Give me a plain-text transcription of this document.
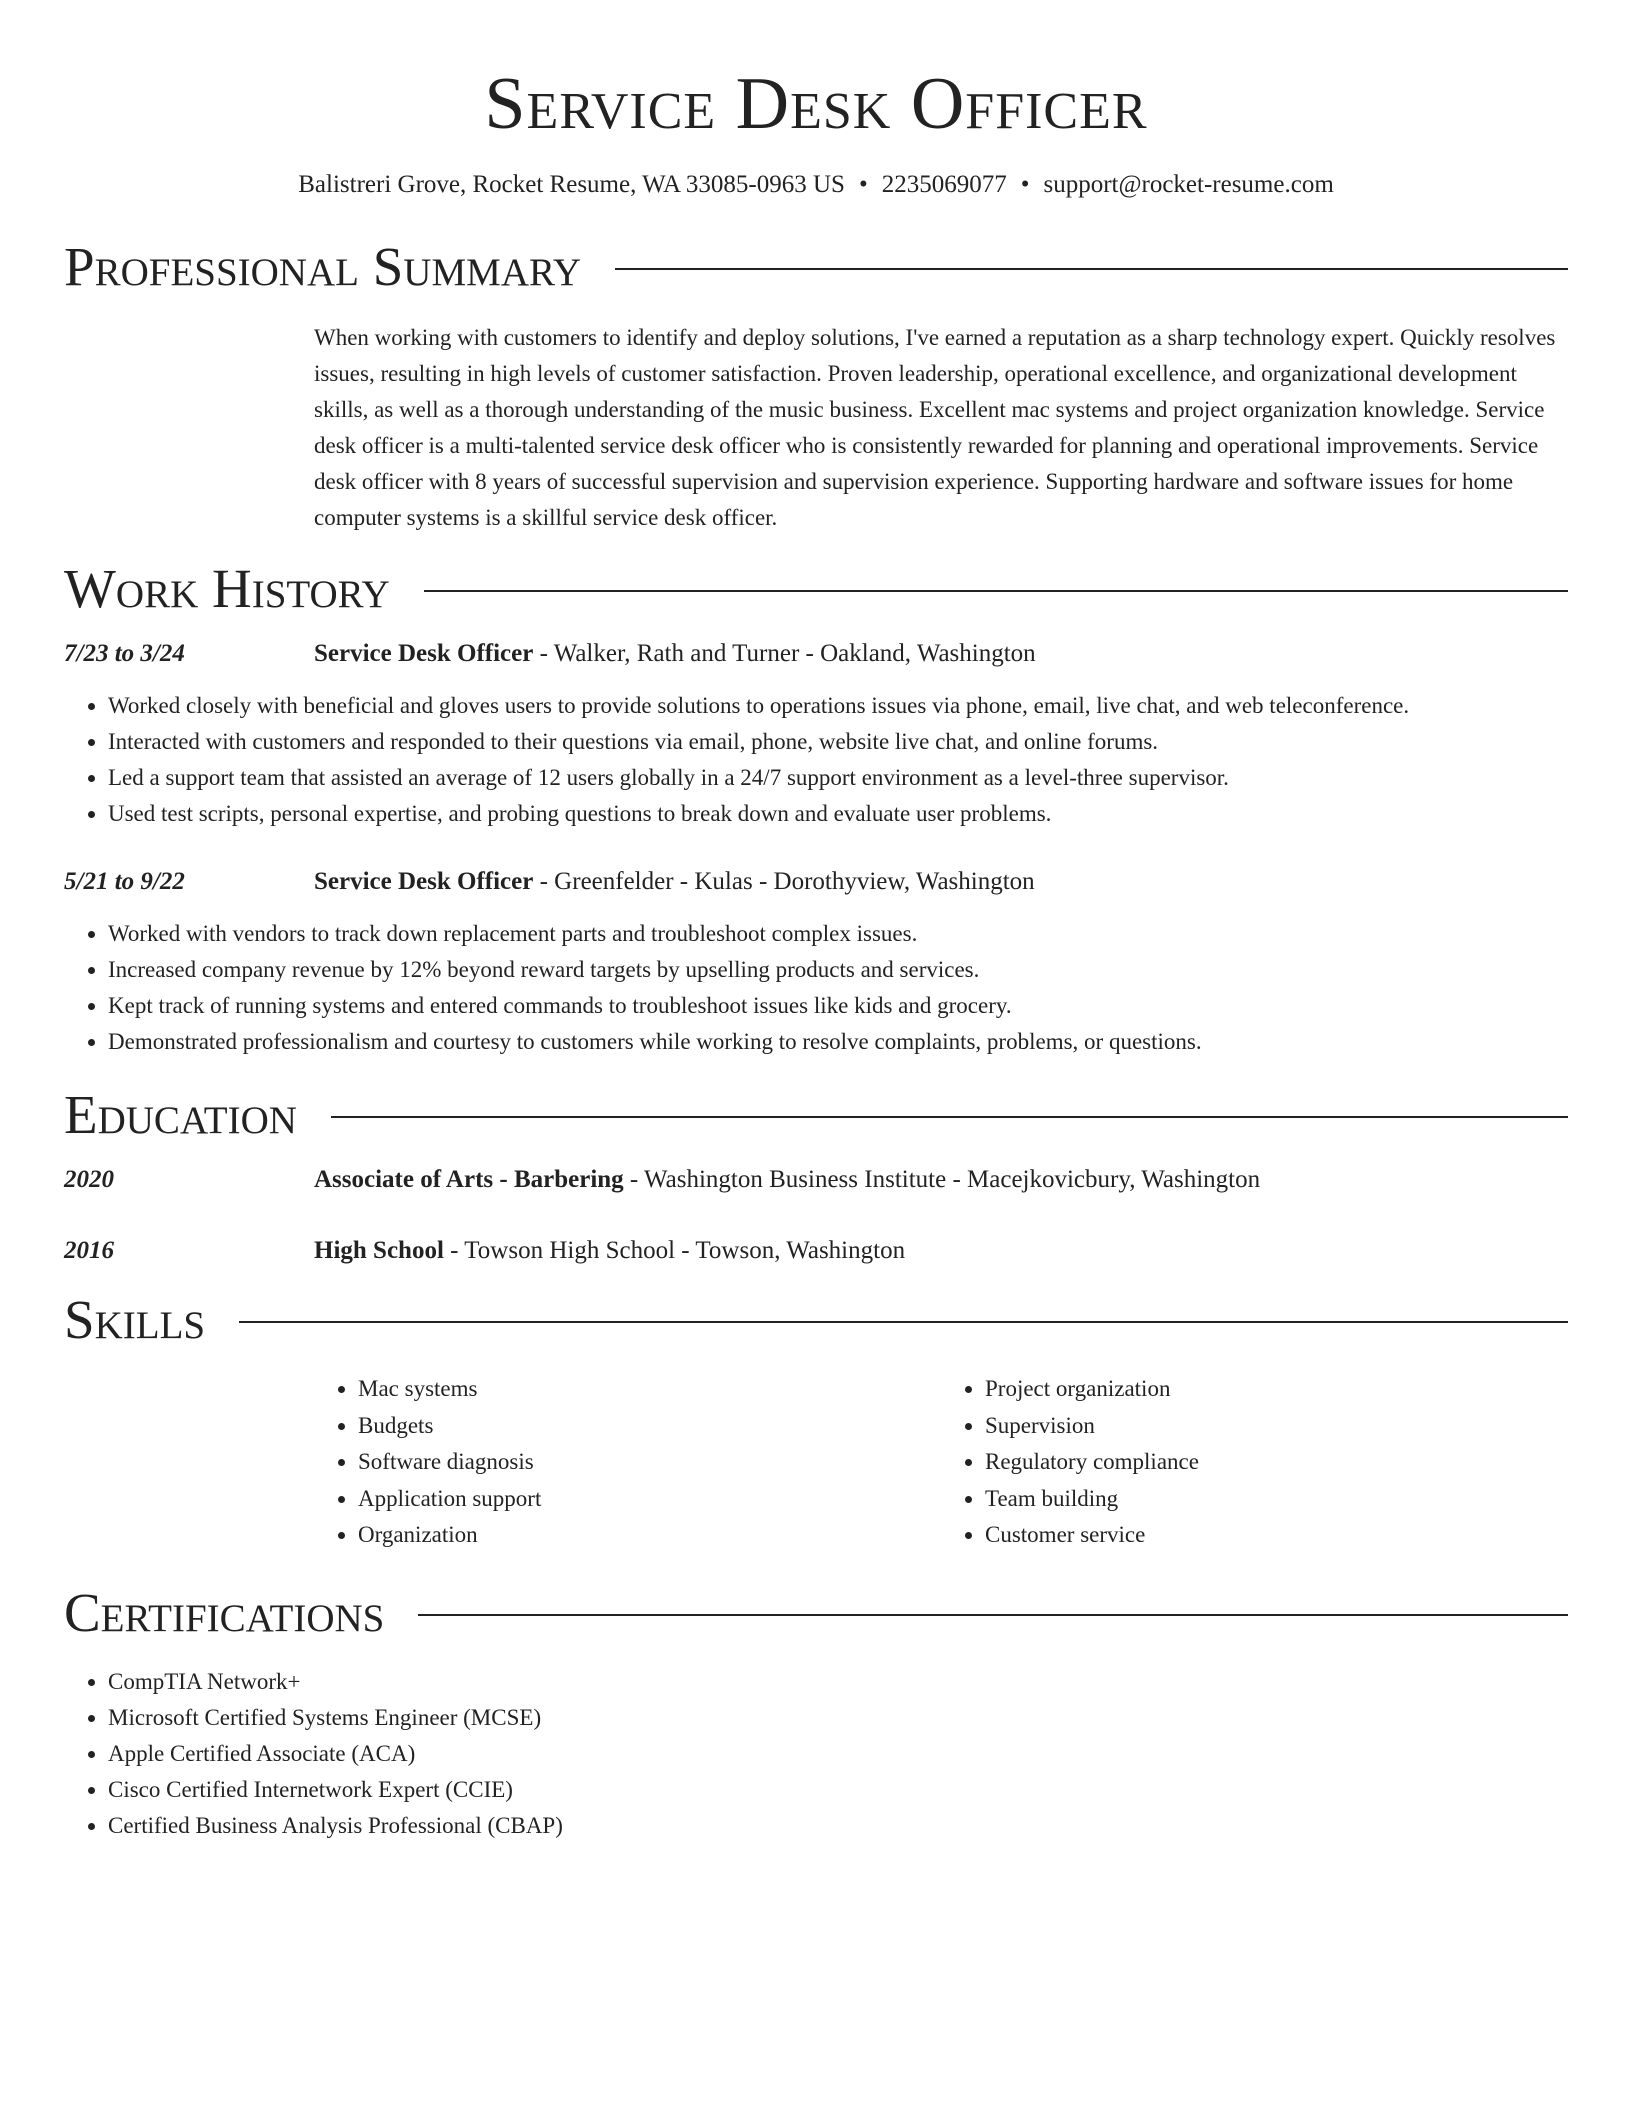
Service Desk Officer
Balistreri Grove, Rocket Resume, WA 33085-0963 US • 2235069077 • support@rocket-resume.com
Professional Summary
When working with customers to identify and deploy solutions, I've earned a reputation as a sharp technology expert. Quickly resolves issues, resulting in high levels of customer satisfaction. Proven leadership, operational excellence, and organizational development skills, as well as a thorough understanding of the music business. Excellent mac systems and project organization knowledge. Service desk officer is a multi-talented service desk officer who is consistently rewarded for planning and operational improvements. Service desk officer with 8 years of successful supervision and supervision experience. Supporting hardware and software issues for home computer systems is a skillful service desk officer.
Work History
7/23 to 3/24	Service Desk Officer - Walker, Rath and Turner - Oakland, Washington
• Worked closely with beneficial and gloves users to provide solutions to operations issues via phone, email, live chat, and web teleconference.
• Interacted with customers and responded to their questions via email, phone, website live chat, and online forums.
• Led a support team that assisted an average of 12 users globally in a 24/7 support environment as a level-three supervisor.
• Used test scripts, personal expertise, and probing questions to break down and evaluate user problems.
5/21 to 9/22	Service Desk Officer - Greenfelder - Kulas - Dorothyview, Washington
• Worked with vendors to track down replacement parts and troubleshoot complex issues.
• Increased company revenue by 12% beyond reward targets by upselling products and services.
• Kept track of running systems and entered commands to troubleshoot issues like kids and grocery.
• Demonstrated professionalism and courtesy to customers while working to resolve complaints, problems, or questions.
Education
2020	Associate of Arts - Barbering - Washington Business Institute - Macejkovicbury, Washington
2016	High School - Towson High School - Towson, Washington
Skills
• Mac systems
• Budgets
• Software diagnosis
• Application support
• Organization
• Project organization
• Supervision
• Regulatory compliance
• Team building
• Customer service
Certifications
• CompTIA Network+
• Microsoft Certified Systems Engineer (MCSE)
• Apple Certified Associate (ACA)
• Cisco Certified Internetwork Expert (CCIE)
• Certified Business Analysis Professional (CBAP)
